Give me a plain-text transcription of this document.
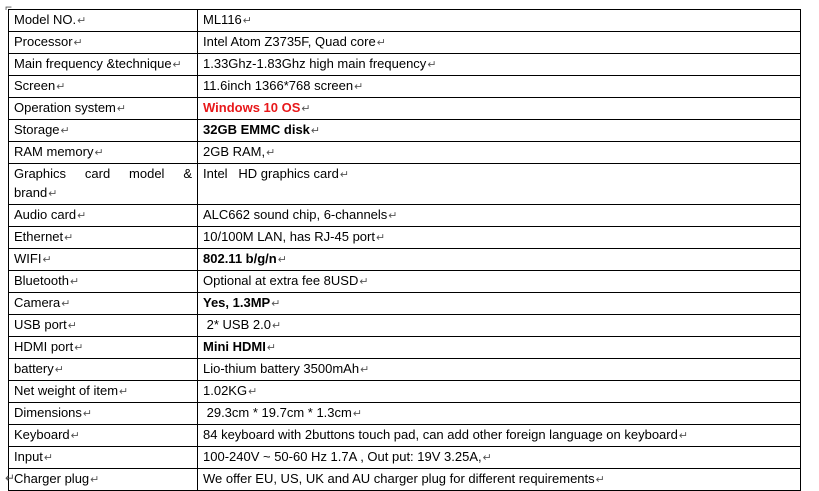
⌐
Model NO.↵	ML116↵
Processor↵	Intel Atom Z3735F, Quad core↵
Main frequency &technique↵	1.33Ghz-1.83Ghz high main frequency↵
Screen↵	11.6inch 1366*768 screen↵
Operation system↵	Windows 10 OS↵
Storage↵	32GB EMMC disk↵
RAM memory↵	2GB RAM,↵
Graphics card model & brand↵	Intel   HD graphics card↵
Audio card↵	ALC662 sound chip, 6-channels↵
Ethernet↵	10/100M LAN, has RJ-45 port↵
WIFI↵	802.11 b/g/n↵
Bluetooth↵	Optional at extra fee 8USD↵
Camera↵	Yes, 1.3MP↵
USB port↵	2* USB 2.0↵
HDMI port↵	Mini HDMI↵
battery↵	Lio-thium battery 3500mAh↵
Net weight of item↵	1.02KG↵
Dimensions↵	29.3cm * 19.7cm * 1.3cm↵
Keyboard↵	84 keyboard with 2buttons touch pad, can add other foreign language on keyboard↵
Input↵	100-240V ~ 50-60 Hz 1.7A , Out put: 19V 3.25A,↵
Charger plug↵	We offer EU, US, UK and AU charger plug for different requirements↵
↵
